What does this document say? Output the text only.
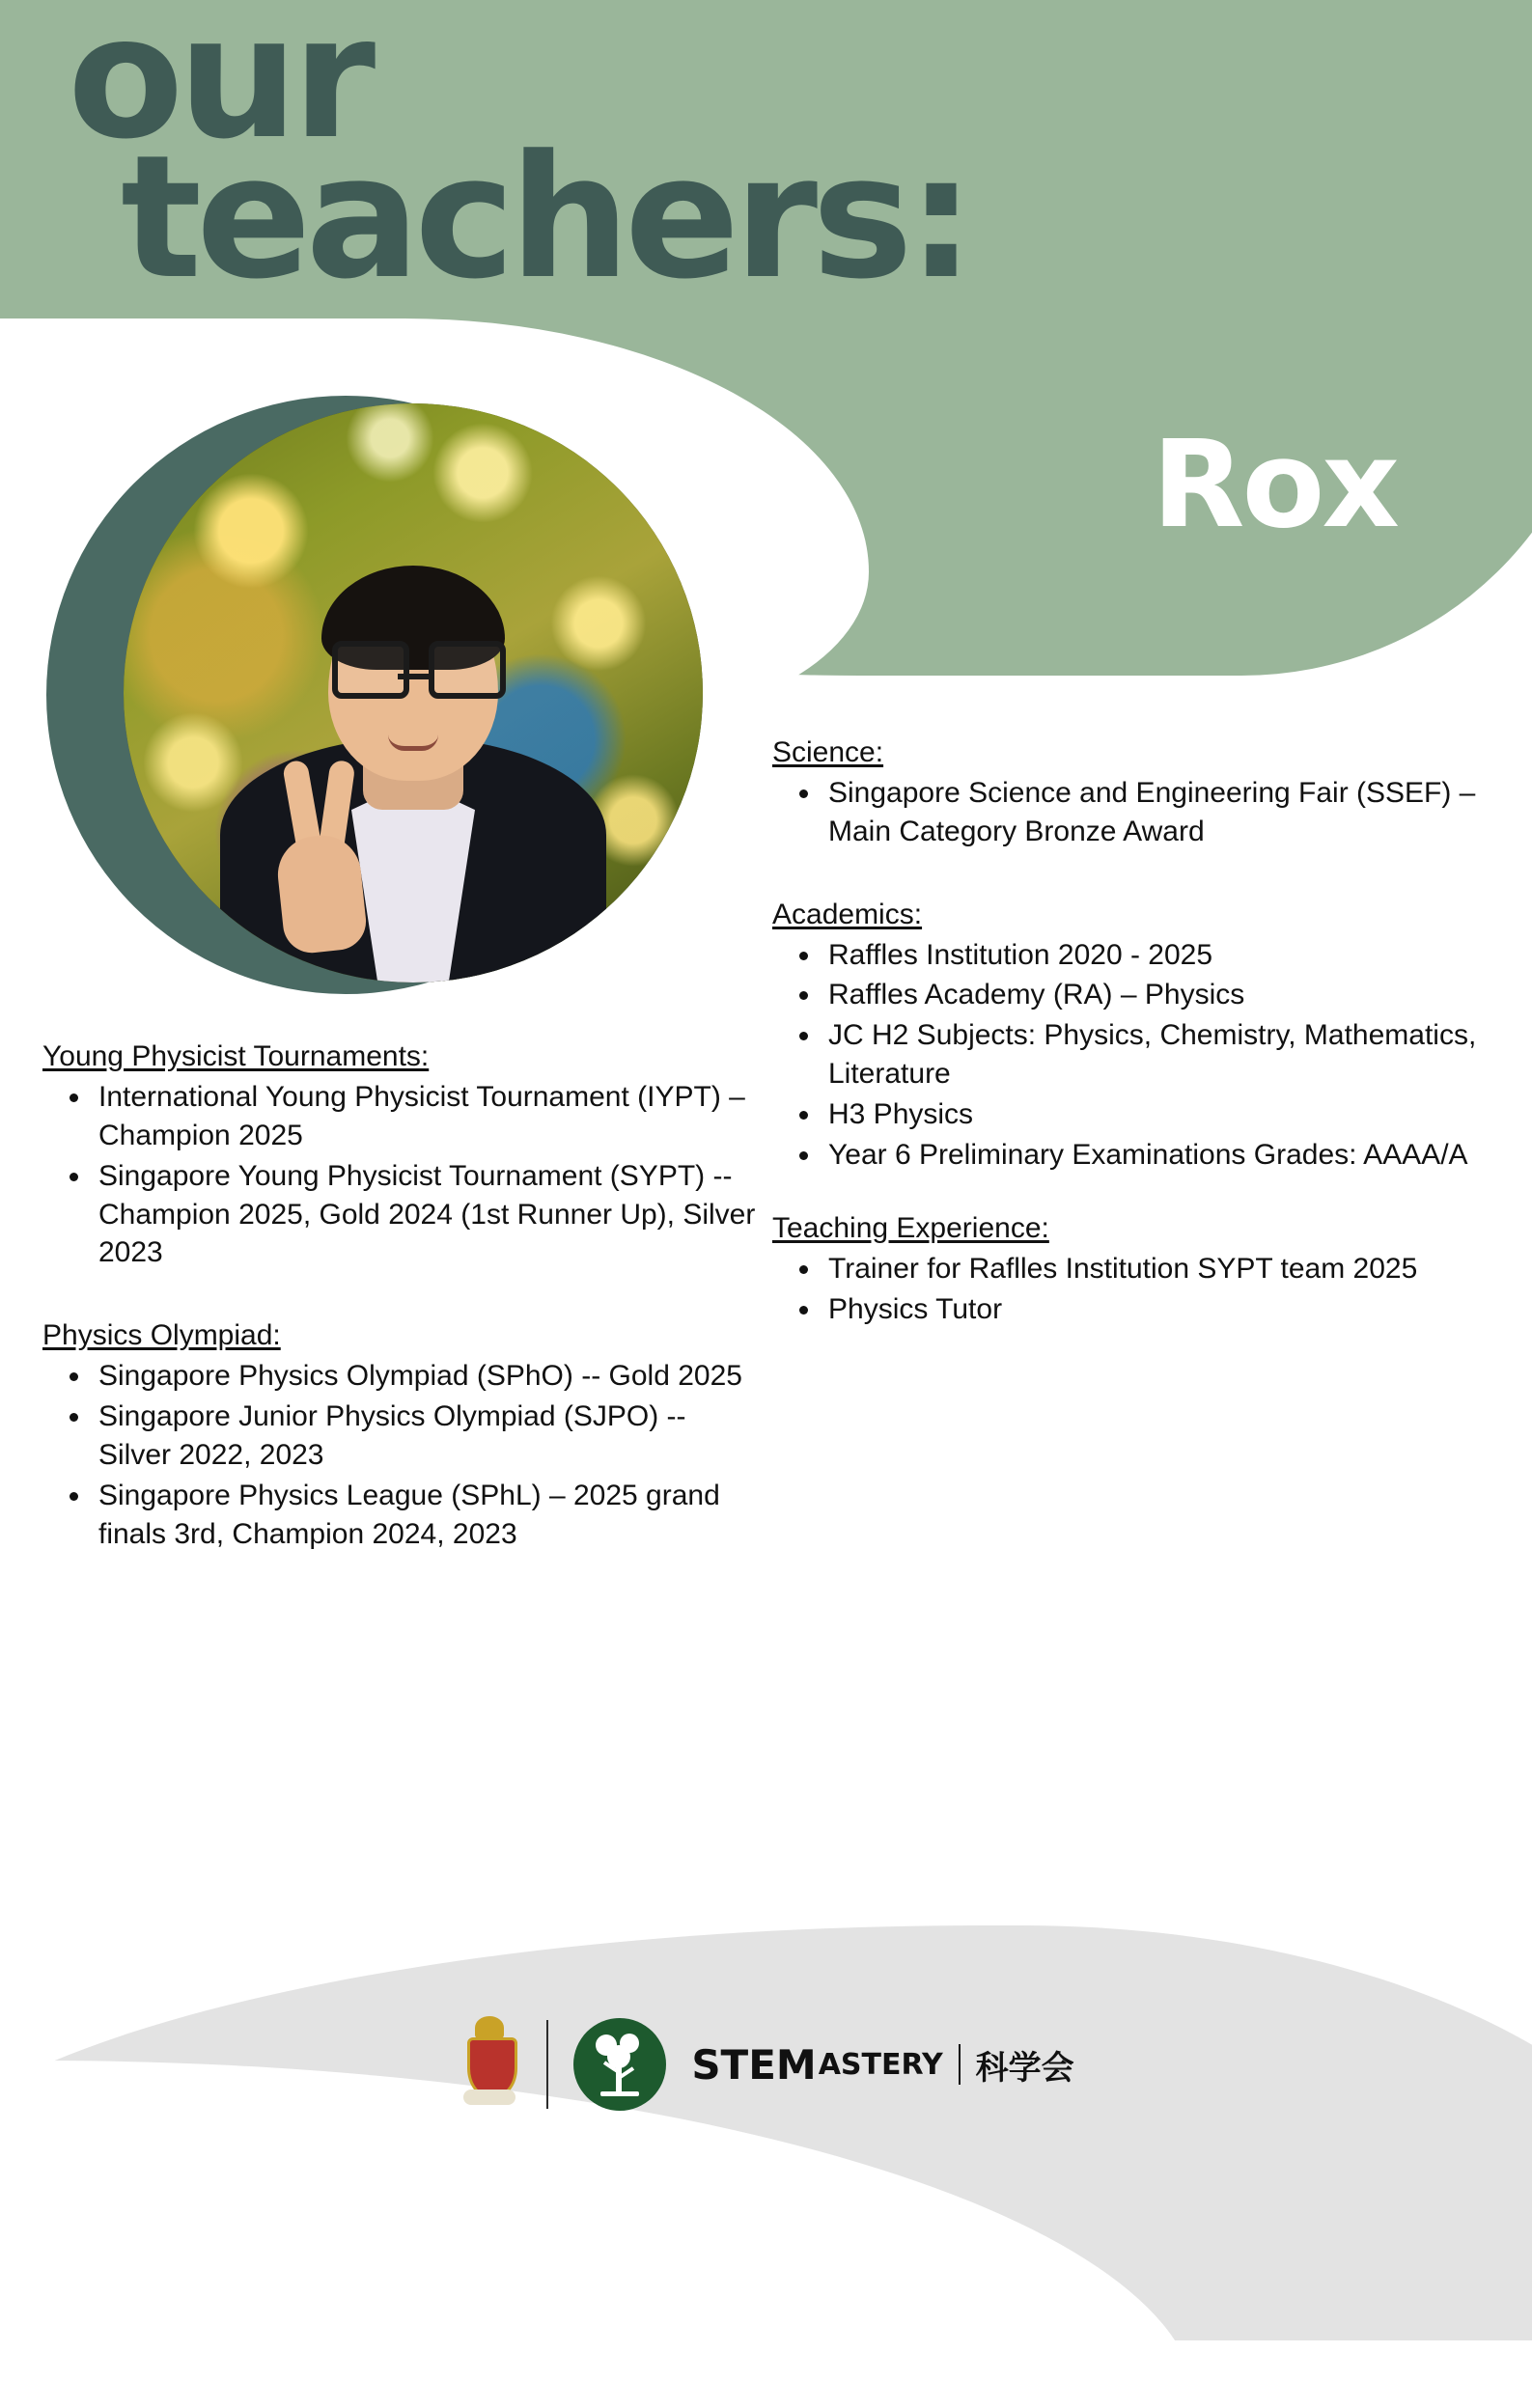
our
teachers:
Rox
Science:
• Singapore Science and Engineering Fair (SSEF) – Main Category Bronze Award
Academics:
• Raffles Institution 2020 - 2025
• Raffles Academy (RA) – Physics
• JC H2 Subjects: Physics, Chemistry, Mathematics, Literature
• H3 Physics
• Year 6 Preliminary Examinations Grades: AAAA/A
Teaching Experience:
• Trainer for Raflles Institution SYPT team 2025
• Physics Tutor
Young Physicist Tournaments:
• International Young Physicist Tournament (IYPT) – Champion 2025
• Singapore Young Physicist Tournament (SYPT) -- Champion 2025, Gold 2024 (1st Runner Up), Silver 2023
Physics Olympiad:
• Singapore Physics Olympiad (SPhO) -- Gold 2025
• Singapore Junior Physics Olympiad (SJPO) -- Silver 2022, 2023
• Singapore Physics League (SPhL) – 2025 grand finals 3rd, Champion 2024, 2023
STEM ASTERY 科学会
